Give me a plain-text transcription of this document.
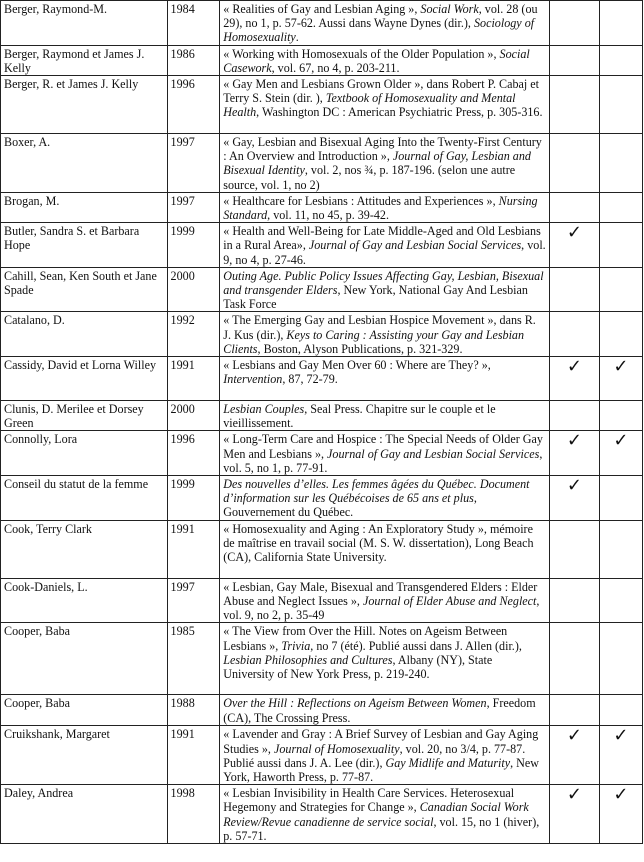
Berger, Raymond-M.	1984	« Realities of Gay and Lesbian Aging », Social Work, vol. 28 (ou 29), no 1, p. 57-62. Aussi dans Wayne Dynes (dir.), Sociology of Homosexuality.		
Berger, Raymond et James J. Kelly	1986	« Working with Homosexuals of the Older Population », Social Casework, vol. 67, no 4, p. 203-211.		
Berger, R. et James J. Kelly	1996	« Gay Men and Lesbians Grown Older », dans Robert P. Cabaj et Terry S. Stein (dir. ), Textbook of Homosexuality and Mental Health, Washington DC : American Psychiatric Press, p. 305-316.		
Boxer, A.	1997	« Gay, Lesbian and Bisexual Aging Into the Twenty-First Century : An Overview and Introduction », Journal of Gay, Lesbian and Bisexual Identity, vol. 2, nos ¾, p. 187-196. (selon une autre source, vol. 1, no 2)		
Brogan, M.	1997	« Healthcare for Lesbians : Attitudes and Experiences », Nursing Standard, vol. 11, no 45, p. 39-42.		
Butler, Sandra S. et Barbara Hope	1999	« Health and Well-Being for Late Middle-Aged and Old Lesbians in a Rural Area», Journal of Gay and Lesbian Social Services, vol. 9, no 4, p. 27-46.	✓	
Cahill, Sean, Ken South et Jane Spade	2000	Outing Age. Public Policy Issues Affecting Gay, Lesbian, Bisexual and transgender Elders, New York, National Gay And Lesbian Task Force		
Catalano, D.	1992	« The Emerging Gay and Lesbian Hospice Movement », dans R. J. Kus (dir.), Keys to Caring : Assisting your Gay and Lesbian Clients, Boston, Alyson Publications, p. 321-329.		
Cassidy, David et Lorna Willey	1991	« Lesbians and Gay Men Over 60 : Where are They? », Intervention, 87, 72-79.	✓	✓
Clunis, D. Merilee et Dorsey Green	2000	Lesbian Couples, Seal Press. Chapitre sur le couple et le vieillissement.		
Connolly, Lora	1996	« Long-Term Care and Hospice : The Special Needs of Older Gay Men and Lesbians », Journal of Gay and Lesbian Social Services, vol. 5, no 1, p. 77-91.	✓	✓
Conseil du statut de la femme	1999	Des nouvelles d’elles. Les femmes âgées du Québec. Document d’information sur les Québécoises de 65 ans et plus, Gouvernement du Québec.	✓	
Cook, Terry Clark	1991	« Homosexuality and Aging : An Exploratory Study », mémoire de maîtrise en travail social (M. S. W. dissertation), Long Beach (CA), California State University.		
Cook-Daniels, L.	1997	« Lesbian, Gay Male, Bisexual and Transgendered Elders : Elder Abuse and Neglect Issues », Journal of Elder Abuse and Neglect, vol. 9, no 2, p. 35-49		
Cooper, Baba	1985	« The View from Over the Hill. Notes on Ageism Between Lesbians », Trivia, no 7 (été). Publié aussi dans J. Allen (dir.), Lesbian Philosophies and Cultures, Albany (NY), State University of New York Press, p. 219-240.		
Cooper, Baba	1988	Over the Hill : Reflections on Ageism Between Women, Freedom (CA), The Crossing Press.		
Cruikshank, Margaret	1991	« Lavender and Gray : A Brief Survey of Lesbian and Gay Aging Studies », Journal of Homosexuality, vol. 20, no 3/4, p. 77-87. Publié aussi dans J. A. Lee (dir.), Gay Midlife and Maturity, New York, Haworth Press, p. 77-87.	✓	✓
Daley, Andrea	1998	« Lesbian Invisibility in Health Care Services. Heterosexual Hegemony and Strategies for Change », Canadian Social Work Review/Revue canadienne de service social, vol. 15, no 1 (hiver), p. 57-71.	✓	✓
